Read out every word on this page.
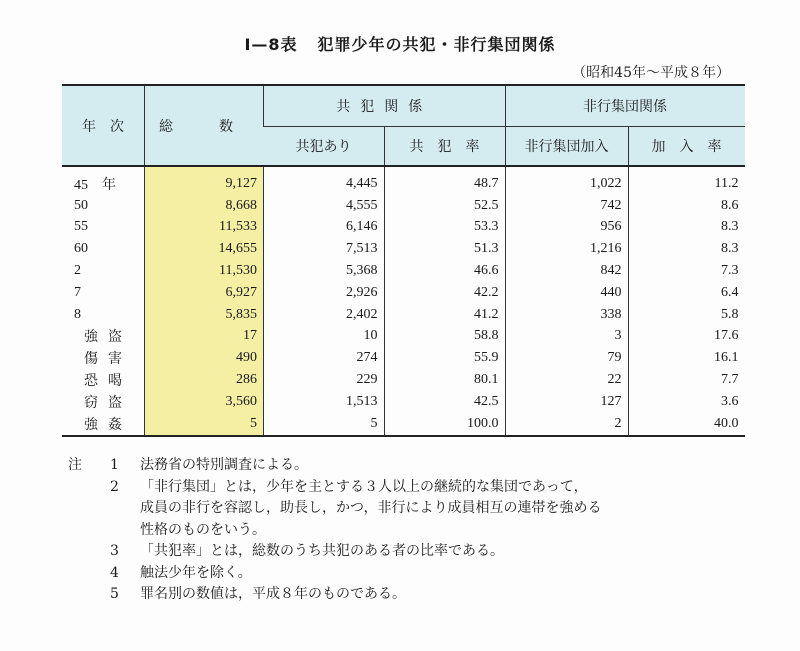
Ⅰ—8表 犯罪少年の共犯・非行集団関係
（昭和45年～平成８年）
年　次	総　数	共犯関係		非行集団関係	
		共犯あり	共　犯　率	非行集団加入	加　入　率
45　年	9,127	4,445	48.7	1,022	11.2
50	8,668	4,555	52.5	742	8.6
55	11,533	6,146	53.3	956	8.3
60	14,655	7,513	51.3	1,216	8.3
2	11,530	5,368	46.6	842	7.3
7	6,927	2,926	42.2	440	6.4
8	5,835	2,402	41.2	338	5.8
強盗	17	10	58.8	3	17.6
傷害	490	274	55.9	79	16.1
恐喝	286	229	80.1	22	7.7
窃盗	3,560	1,513	42.5	127	3.6
強姦	5	5	100.0	2	40.0
注	1	法務省の特別調査による。
2	「非行集団」とは，少年を主とする３人以上の継続的な集団であって，
成員の非行を容認し，助長し，かつ，非行により成員相互の連帯を強める
性格のものをいう。
3	「共犯率」とは，総数のうち共犯のある者の比率である。
4	触法少年を除く。
5	罪名別の数値は，平成８年のものである。
